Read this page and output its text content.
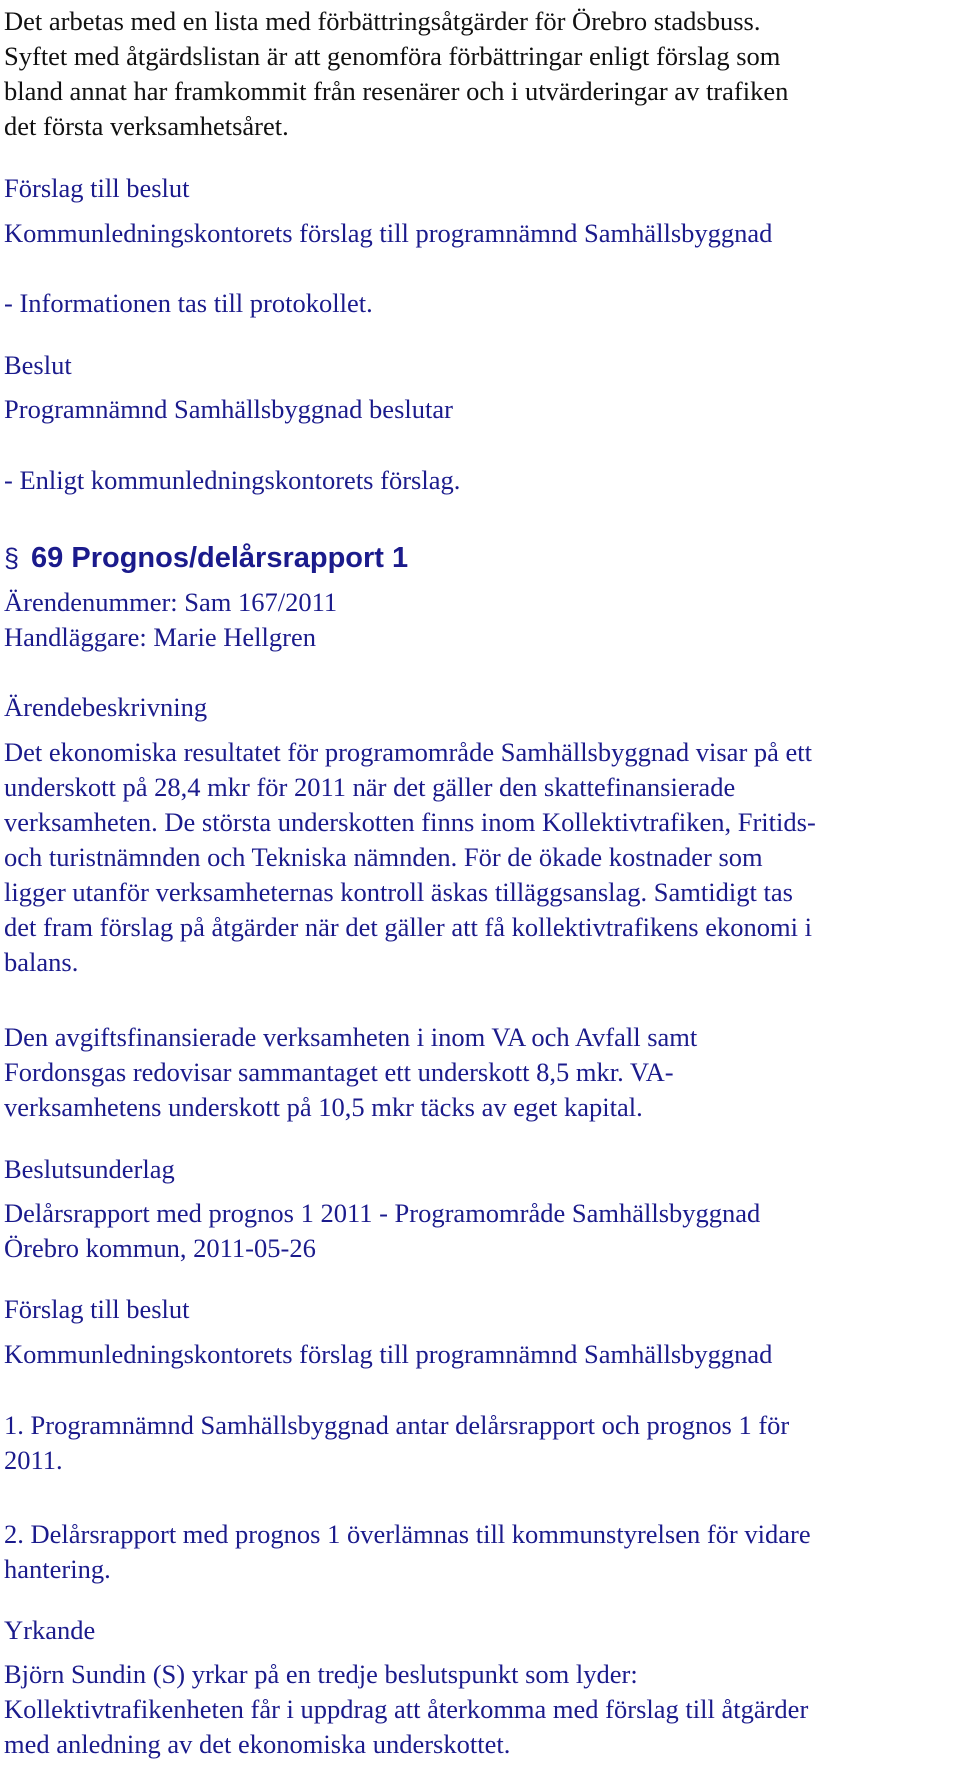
Det arbetas med en lista med förbättringsåtgärder för Örebro stadsbuss.

Syftet med åtgärdslistan är att genomföra förbättringar enligt förslag som

bland annat har framkommit från resenärer och i utvärderingar av trafiken

det första verksamhetsåret.

Förslag till beslut

Kommunledningskontorets förslag till programnämnd Samhällsbyggnad

- Informationen tas till protokollet.

Beslut

Programnämnd Samhällsbyggnad beslutar

- Enligt kommunledningskontorets förslag.

§ 69 Prognos/delårsrapport 1

Ärendenummer: Sam 167/2011

Handläggare: Marie Hellgren

Ärendebeskrivning

Det ekonomiska resultatet för programområde Samhällsbyggnad visar på ett

underskott på 28,4 mkr för 2011 när det gäller den skattefinansierade

verksamheten. De största underskotten finns inom Kollektivtrafiken, Fritids-

och turistnämnden och Tekniska nämnden. För de ökade kostnader som

ligger utanför verksamheternas kontroll äskas tilläggsanslag. Samtidigt tas

det fram förslag på åtgärder när det gäller att få kollektivtrafikens ekonomi i

balans.

Den avgiftsfinansierade verksamheten i inom VA och Avfall samt

Fordonsgas redovisar sammantaget ett underskott 8,5 mkr. VA-

verksamhetens underskott på 10,5 mkr täcks av eget kapital.

Beslutsunderlag

Delårsrapport med prognos 1 2011 - Programområde Samhällsbyggnad

Örebro kommun, 2011-05-26

Förslag till beslut

Kommunledningskontorets förslag till programnämnd Samhällsbyggnad

1. Programnämnd Samhällsbyggnad antar delårsrapport och prognos 1 för

2011.

2. Delårsrapport med prognos 1 överlämnas till kommunstyrelsen för vidare

hantering.

Yrkande

Björn Sundin (S) yrkar på en tredje beslutspunkt som lyder:

Kollektivtrafikenheten får i uppdrag att återkomma med förslag till åtgärder

med anledning av det ekonomiska underskottet.
